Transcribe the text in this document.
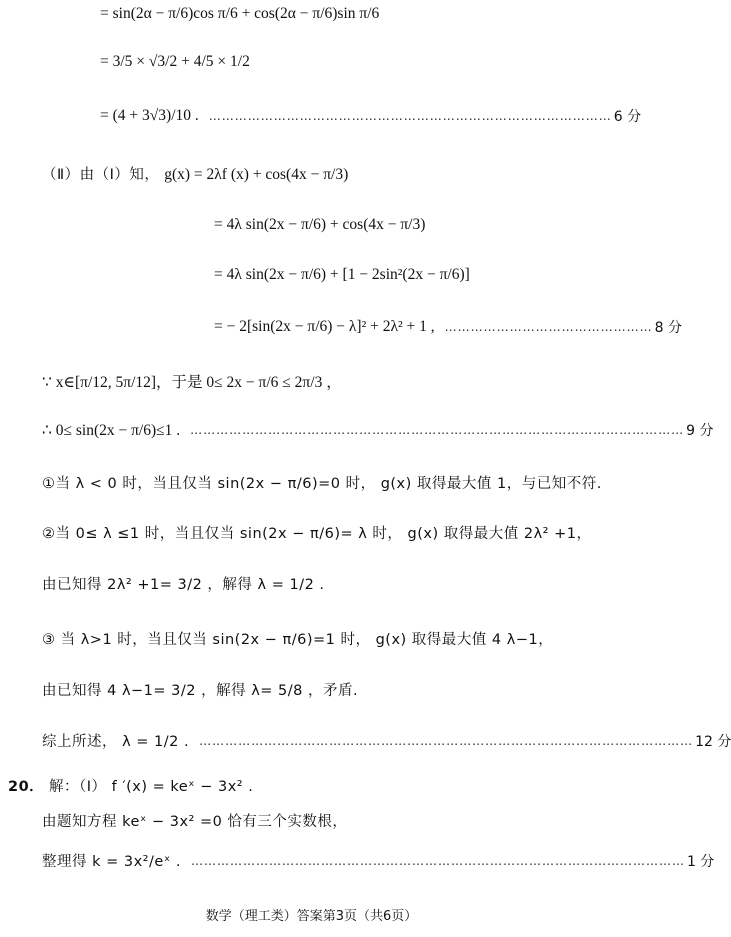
= sin(2α − π/6)cos π/6 + cos(2α − π/6)sin π/6
= 3/5 × √3/2 + 4/5 × 1/2
= (4 + 3√3)/10 . ………………………………………………………………………………… 6 分
（Ⅱ）由（Ⅰ）知， g(x) = 2λf (x) + cos(4x − π/3)
= 4λ sin(2x − π/6) + cos(4x − π/3)
= 4λ sin(2x − π/6) + [1 − 2sin²(2x − π/6)]
= − 2[sin(2x − π/6) − λ]² + 2λ² + 1 , ………………………………………… 8 分
∵ x∈[π/12, 5π/12]，于是 0≤ 2x − π/6 ≤ 2π/3 ，
∴ 0≤ sin(2x − π/6)≤1 . …………………………………………………………………………………………………… 9 分
①当 λ < 0 时，当且仅当 sin(2x − π/6)=0 时， g(x) 取得最大值 1，与已知不符.
②当 0≤ λ ≤1 时，当且仅当 sin(2x − π/6)= λ 时， g(x) 取得最大值 2λ² +1，
由已知得 2λ² +1= 3/2 ，解得 λ = 1/2 .
③ 当 λ>1 时，当且仅当 sin(2x − π/6)=1 时， g(x) 取得最大值 4 λ−1，
由已知得 4 λ−1= 3/2 ，解得 λ= 5/8 ，矛盾.
综上所述， λ = 1/2 . …………………………………………………………………………………………………… 12 分
20． 解：（Ⅰ） f ′(x) = keˣ − 3x² .
由题知方程 keˣ − 3x² =0 恰有三个实数根，
整理得 k = 3x²/eˣ . …………………………………………………………………………………………………… 1 分
数学（理工类）答案第3页（共6页）
